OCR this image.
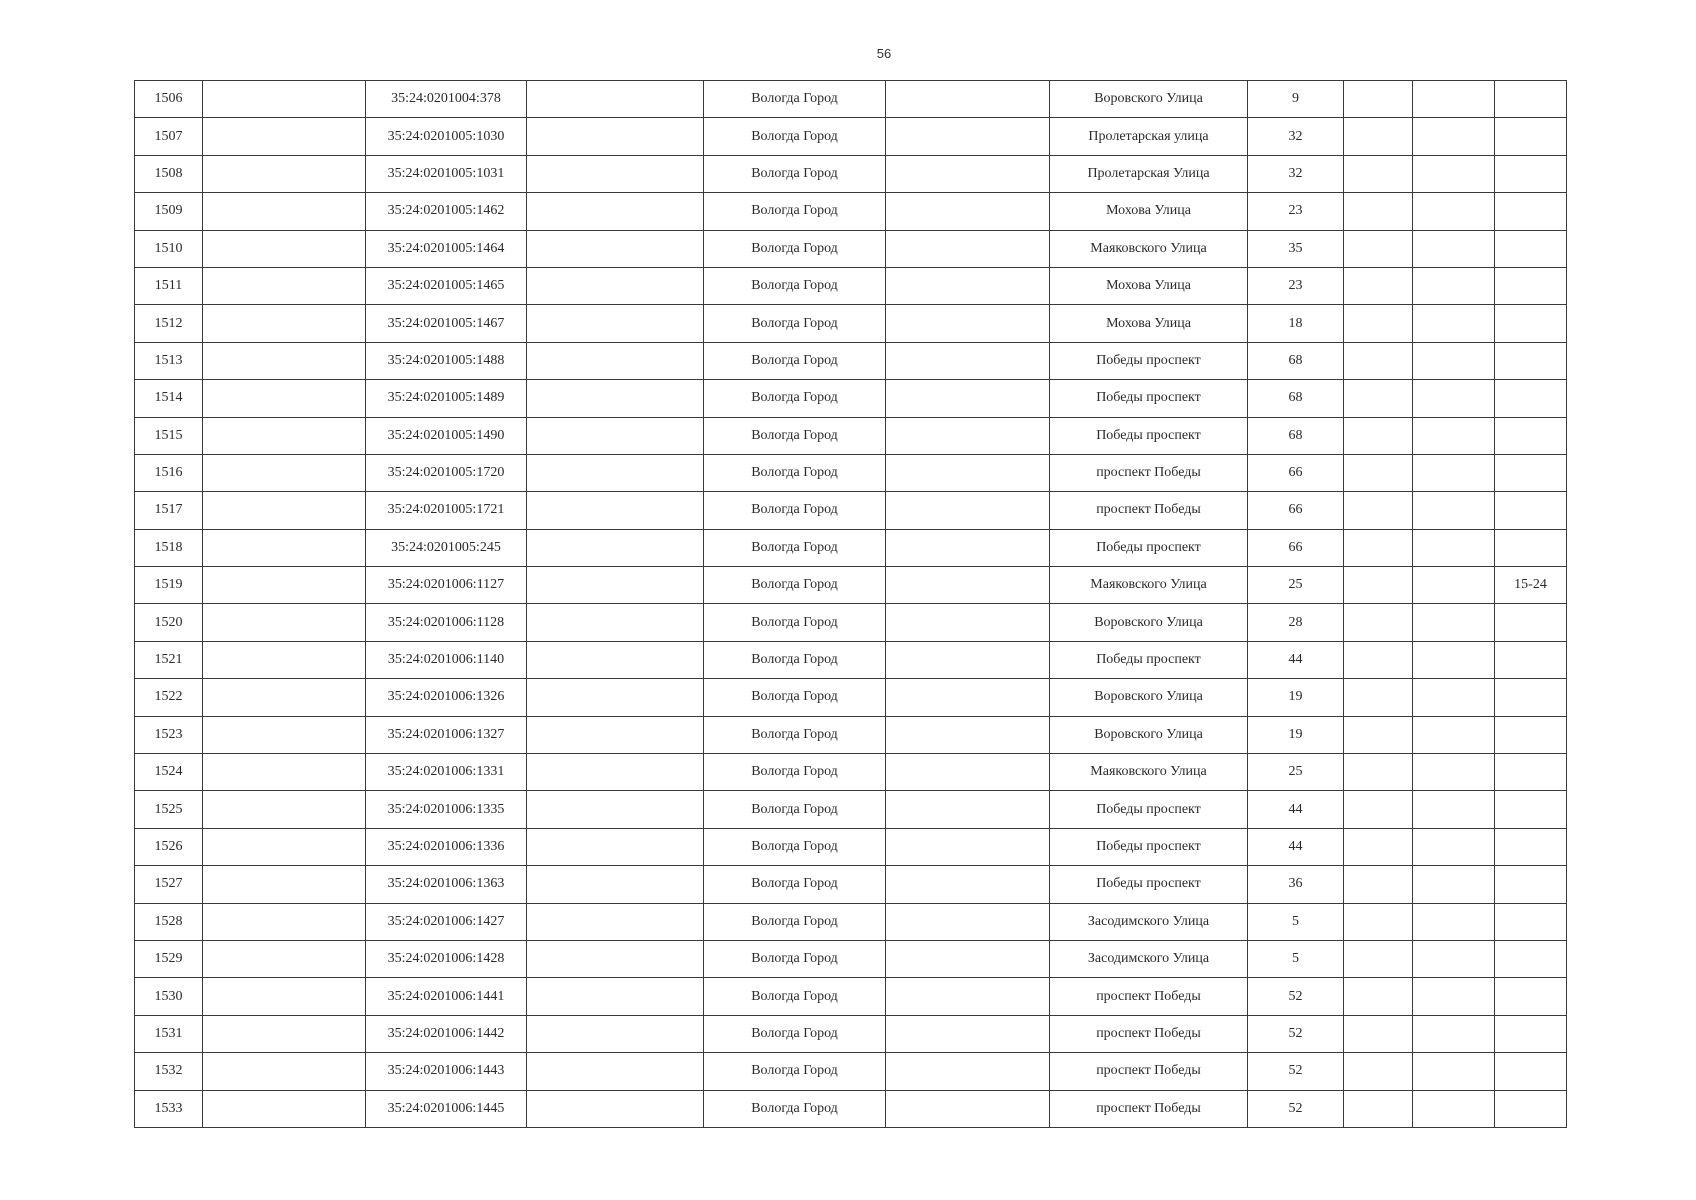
56
1506		35:24:0201004:378		Вологда Город		Воровского Улица	9			
1507		35:24:0201005:1030		Вологда Город		Пролетарская улица	32			
1508		35:24:0201005:1031		Вологда Город		Пролетарская Улица	32			
1509		35:24:0201005:1462		Вологда Город		Мохова Улица	23			
1510		35:24:0201005:1464		Вологда Город		Маяковского Улица	35			
1511		35:24:0201005:1465		Вологда Город		Мохова Улица	23			
1512		35:24:0201005:1467		Вологда Город		Мохова Улица	18			
1513		35:24:0201005:1488		Вологда Город		Победы проспект	68			
1514		35:24:0201005:1489		Вологда Город		Победы проспект	68			
1515		35:24:0201005:1490		Вологда Город		Победы проспект	68			
1516		35:24:0201005:1720		Вологда Город		проспект Победы	66			
1517		35:24:0201005:1721		Вологда Город		проспект Победы	66			
1518		35:24:0201005:245		Вологда Город		Победы проспект	66			
1519		35:24:0201006:1127		Вологда Город		Маяковского Улица	25			15-24
1520		35:24:0201006:1128		Вологда Город		Воровского Улица	28			
1521		35:24:0201006:1140		Вологда Город		Победы проспект	44			
1522		35:24:0201006:1326		Вологда Город		Воровского Улица	19			
1523		35:24:0201006:1327		Вологда Город		Воровского Улица	19			
1524		35:24:0201006:1331		Вологда Город		Маяковского Улица	25			
1525		35:24:0201006:1335		Вологда Город		Победы проспект	44			
1526		35:24:0201006:1336		Вологда Город		Победы проспект	44			
1527		35:24:0201006:1363		Вологда Город		Победы проспект	36			
1528		35:24:0201006:1427		Вологда Город		Засодимского Улица	5			
1529		35:24:0201006:1428		Вологда Город		Засодимского Улица	5			
1530		35:24:0201006:1441		Вологда Город		проспект Победы	52			
1531		35:24:0201006:1442		Вологда Город		проспект Победы	52			
1532		35:24:0201006:1443		Вологда Город		проспект Победы	52			
1533		35:24:0201006:1445		Вологда Город		проспект Победы	52			
